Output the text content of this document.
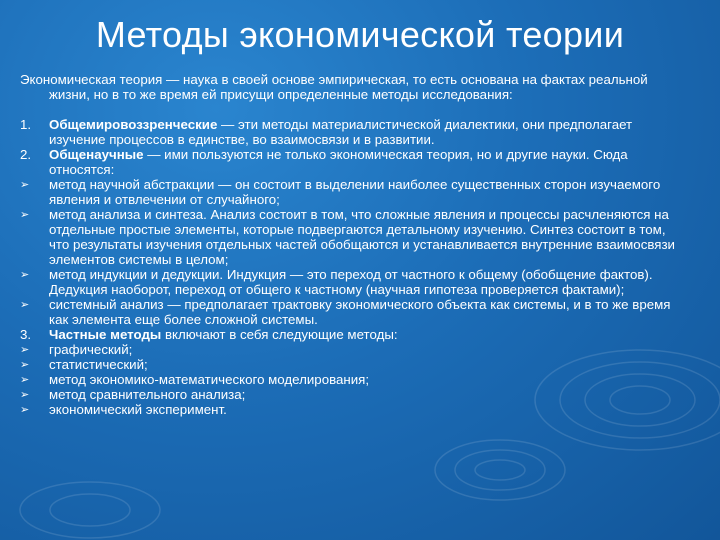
Методы экономической теории

Экономическая теория — наука в своей основе эмпирическая, то есть основана на фактах реальной жизни, но в то же время ей присущи определенные методы исследования:

1. Общемировоззренческие — эти методы материалистической диалектики, они предполагает изучение процессов в единстве, во взаимосвязи и в развитии.
2. Общенаучные — ими пользуются не только экономическая теория, но и другие науки. Сюда относятся:
➢ метод научной абстракции — он состоит в выделении наиболее существенных сторон изучаемого явления и отвлечении от случайного;
➢ метод анализа и синтеза. Анализ состоит в том, что сложные явления и процессы расчленяются на отдельные простые элементы, которые подвергаются детальному изучению. Синтез состоит в том, что результаты изучения отдельных частей обобщаются и устанавливается внутренние взаимосвязи элементов системы в целом;
➢ метод индукции и дедукции. Индукция — это переход от частного к общему (обобщение фактов). Дедукция наоборот, переход от общего к частному (научная гипотеза проверяется фактами);
➢ системный анализ — предполагает трактовку экономического объекта как системы, и в то же время как элемента еще более сложной системы.
3. Частные методы включают в себя следующие методы:
➢ графический;
➢ статистический;
➢ метод экономико-математического моделирования;
➢ метод сравнительного анализа;
➢ экономический эксперимент.
